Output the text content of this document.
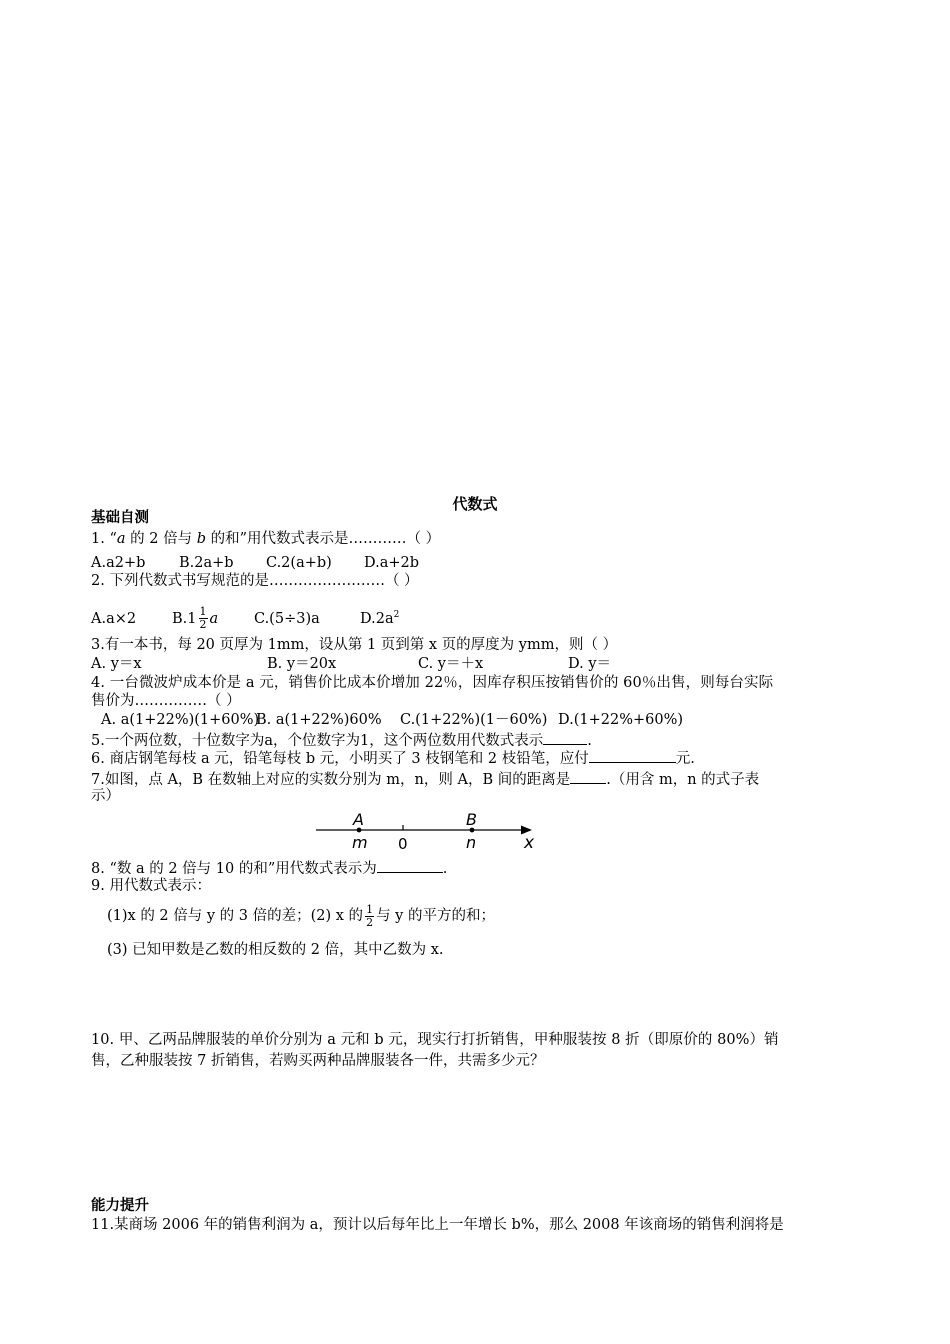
代数式
基础自测
1. “a 的 2 倍与 b 的和”用代数式表示是…………（ ）
A.a2+b B.2a+b C.2(a+b) D.a+2b
2. 下列代数式书写规范的是……………………（ ）
A.a×2 $B.1 \frac{1}{2}$ a C.(5÷3)a	$D.2a^2$
3.有一本书，每 20 页厚为 1mm，设从第 1 页到第 x 页的厚度为 ymm，则（ ）
A. y＝x	B. y＝20x	C. y＝＋x	D. y＝
4. 一台微波炉成本价是 a 元，销售价比成本价增加 22％，因库存积压按销售价的 60％出售，则每台实际
售价为……………（ ）
A. a(1+22%)(1+60%)B. a(1+22%)60% C.(1+22%)(1－60%) D.(1+22%+60%)
5.一个两位数，十位数字为a，个位数字为1，这个两位数用代数式表示	.
6. 商店钢笔每枝 a 元，铅笔每枝 b 元，小明买了 3 枝钢笔和 2 枝铅笔，应付	元.
7.如图，点 A，B 在数轴上对应的实数分别为 m，n，则 A，B 间的距离是 .（用含 m，n 的式子表
示）
A	B
m 0	n	x
8. “数 a 的 2 倍与 10 的和”用代数式表示为	.
9. 用代数式表示：
(1)x 的 2 倍与 y 的 3 倍的差；(2) x 的 $\frac{1}{2}$ 与 y 的平方的和；
(3) 已知甲数是乙数的相反数的 2 倍，其中乙数为 x.
10. 甲、乙两品牌服装的单价分别为 a 元和 b 元，现实行打折销售，甲种服装按 8 折（即原价的 80%）销
售，乙种服装按 7 折销售，若购买两种品牌服装各一件，共需多少元？
能力提升
11.某商场 2006 年的销售利润为 a，预计以后每年比上一年增长 b%，那么 2008 年该商场的销售利润将是
